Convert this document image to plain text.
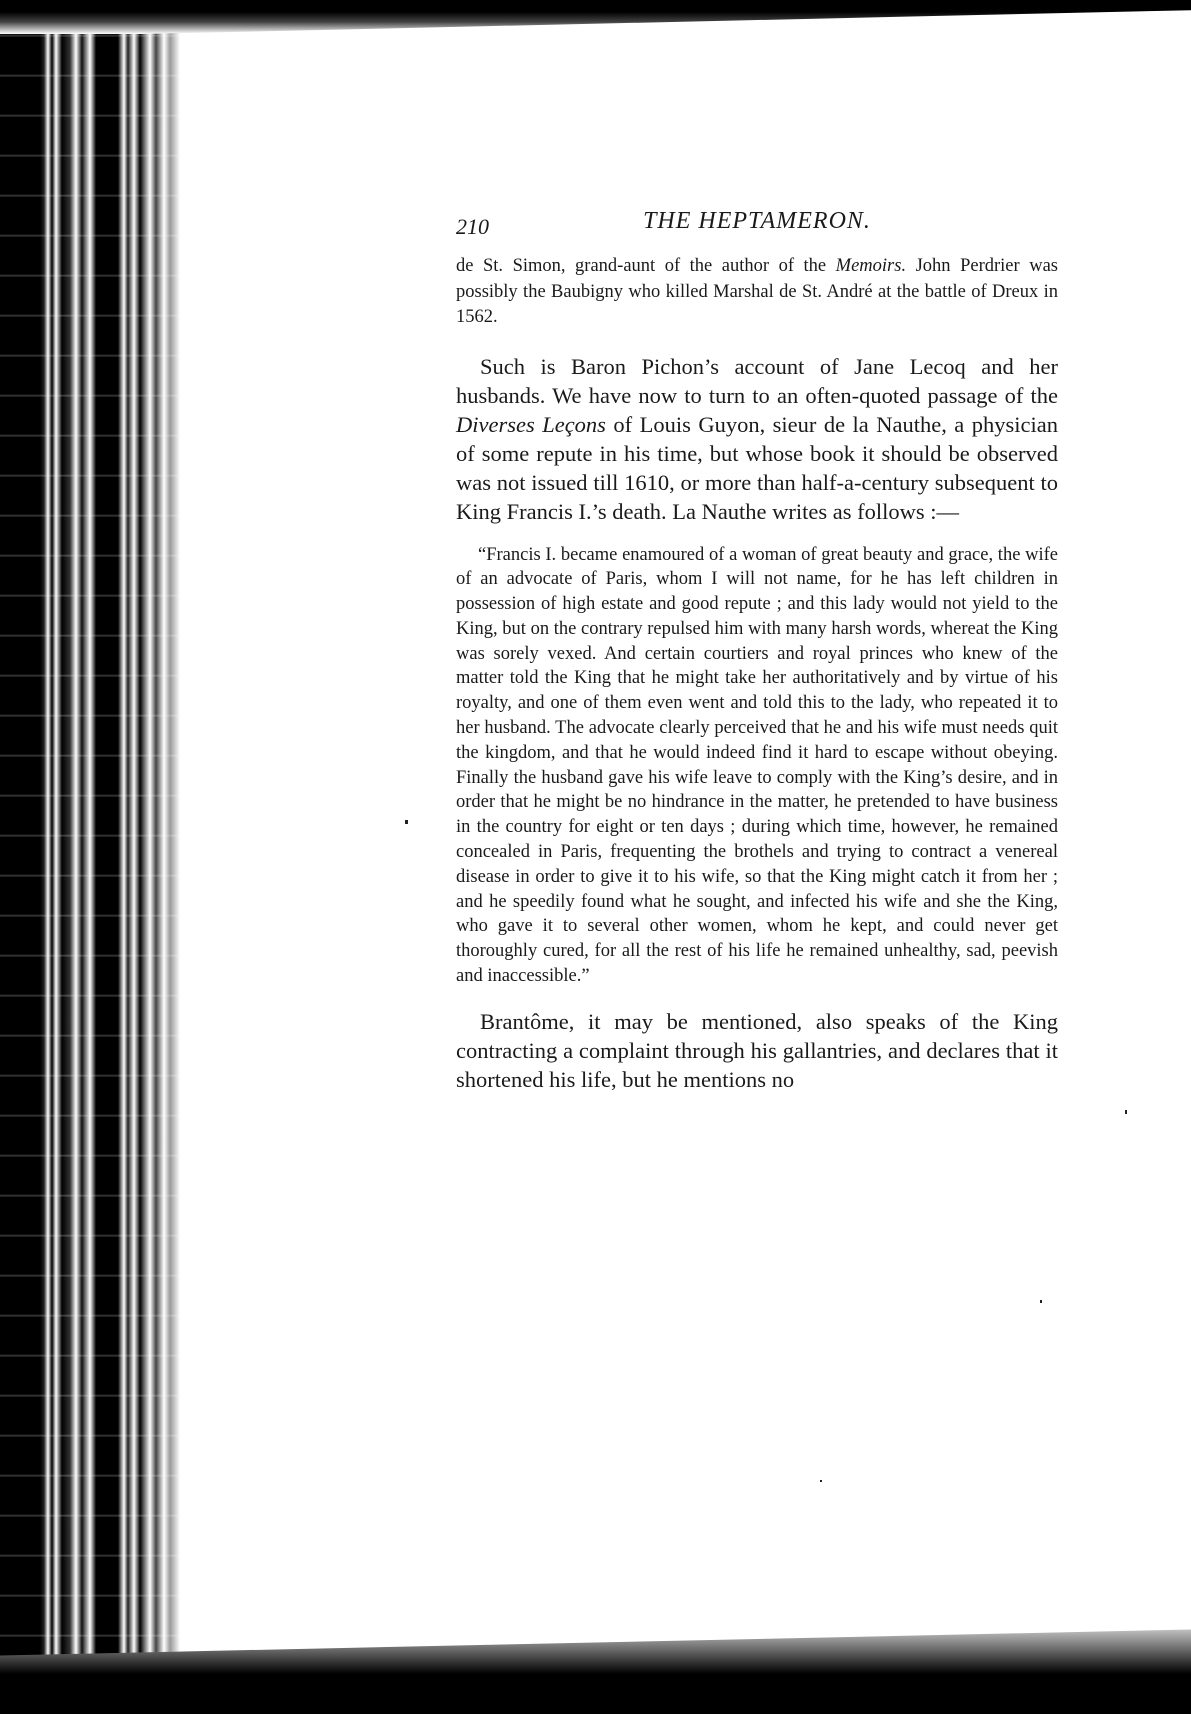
210	THE HEPTAMERON.

de St. Simon, grand-aunt of the author of the Memoirs. John Perdrier was possibly the Baubigny who killed Marshal de St. André at the battle of Dreux in 1562.

Such is Baron Pichon’s account of Jane Lecoq and her husbands. We have now to turn to an often-quoted passage of the Diverses Leçons of Louis Guyon, sieur de la Nauthe, a physician of some repute in his time, but whose book it should be observed was not issued till 1610, or more than half-a-century subsequent to King Francis I.’s death. La Nauthe writes as follows :—

“Francis I. became enamoured of a woman of great beauty and grace, the wife of an advocate of Paris, whom I will not name, for he has left children in possession of high estate and good repute ; and this lady would not yield to the King, but on the contrary repulsed him with many harsh words, whereat the King was sorely vexed. And certain courtiers and royal princes who knew of the matter told the King that he might take her authoritatively and by virtue of his royalty, and one of them even went and told this to the lady, who repeated it to her husband. The advocate clearly perceived that he and his wife must needs quit the kingdom, and that he would indeed find it hard to escape without obeying. Finally the husband gave his wife leave to comply with the King’s desire, and in order that he might be no hindrance in the matter, he pretended to have business in the country for eight or ten days ; during which time, however, he remained concealed in Paris, frequenting the brothels and trying to contract a venereal disease in order to give it to his wife, so that the King might catch it from her ; and he speedily found what he sought, and infected his wife and she the King, who gave it to several other women, whom he kept, and could never get thoroughly cured, for all the rest of his life he remained unhealthy, sad, peevish and inaccessible.”

Brantôme, it may be mentioned, also speaks of the King contracting a complaint through his gallantries, and declares that it shortened his life, but he mentions no
